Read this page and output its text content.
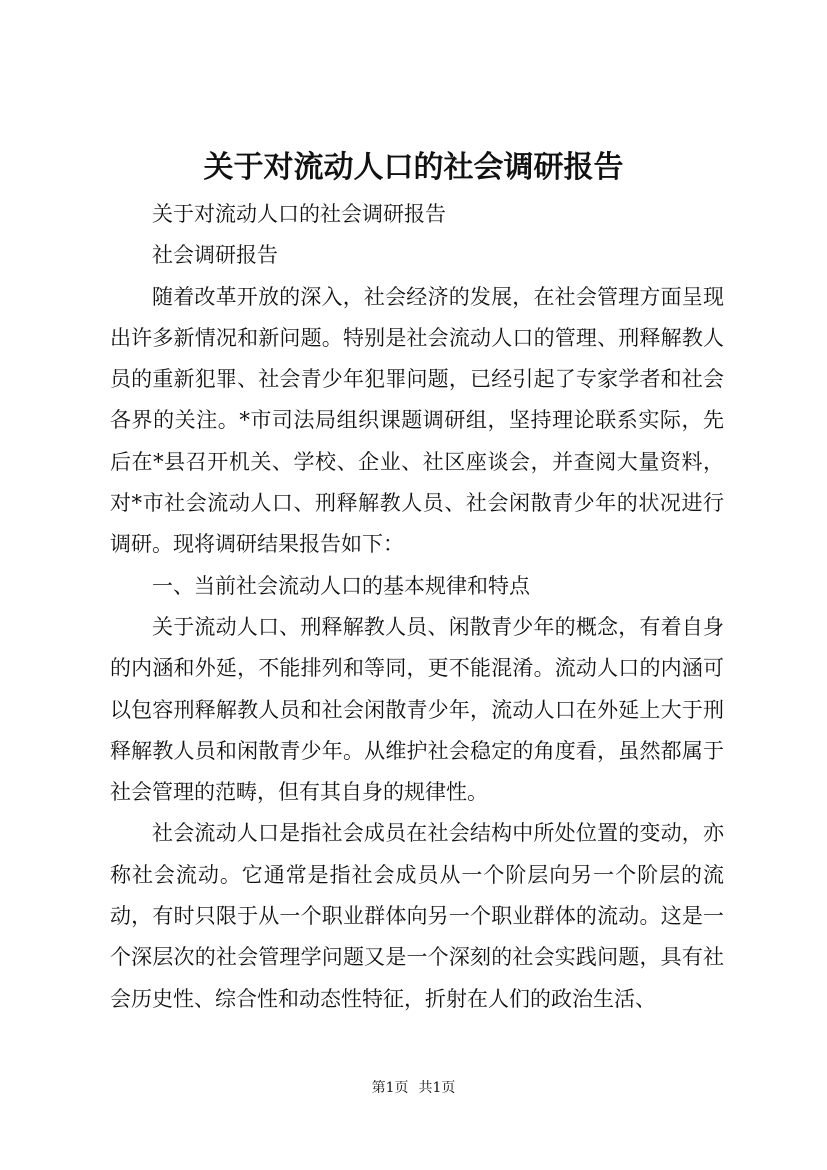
关于对流动人口的社会调研报告

关于对流动人口的社会调研报告

社会调研报告

随着改革开放的深入，社会经济的发展，在社会管理方面呈现出许多新情况和新问题。特别是社会流动人口的管理、刑释解教人员的重新犯罪、社会青少年犯罪问题，已经引起了专家学者和社会各界的关注。*市司法局组织课题调研组，坚持理论联系实际，先后在*县召开机关、学校、企业、社区座谈会，并查阅大量资料，对*市社会流动人口、刑释解教人员、社会闲散青少年的状况进行调研。现将调研结果报告如下：

一、当前社会流动人口的基本规律和特点

关于流动人口、刑释解教人员、闲散青少年的概念，有着自身的内涵和外延，不能排列和等同，更不能混淆。流动人口的内涵可以包容刑释解教人员和社会闲散青少年，流动人口在外延上大于刑释解教人员和闲散青少年。从维护社会稳定的角度看，虽然都属于社会管理的范畴，但有其自身的规律性。

社会流动人口是指社会成员在社会结构中所处位置的变动，亦称社会流动。它通常是指社会成员从一个阶层向另一个阶层的流动，有时只限于从一个职业群体向另一个职业群体的流动。这是一个深层次的社会管理学问题又是一个深刻的社会实践问题，具有社会历史性、综合性和动态性特征，折射在人们的政治生活、

第1页 共1页
